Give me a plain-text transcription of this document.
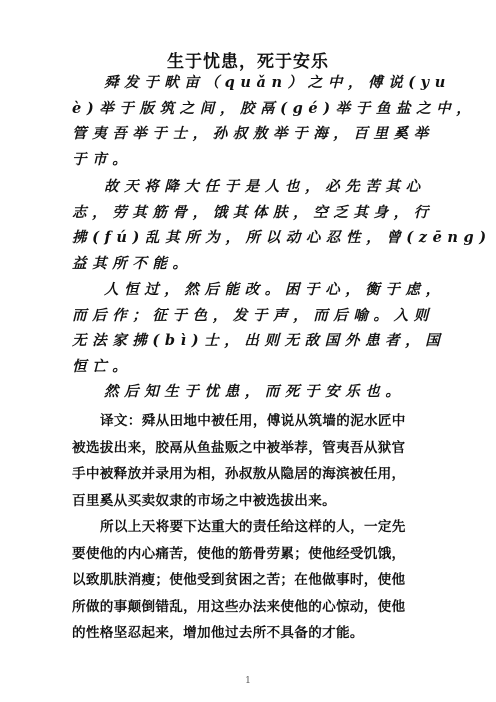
生于忧患，死于安乐
舜发于畎亩（quǎn）之中，傅说(yu
è)举于版筑之间，胶鬲(gé)举于鱼盐之中，
管夷吾举于士，孙叔敖举于海，百里奚举
于市。
故天将降大任于是人也，必先苦其心
志，劳其筋骨，饿其体肤，空乏其身，行
拂(fú)乱其所为，所以动心忍性，曾(zēng)
益其所不能。
人恒过，然后能改。困于心，衡于虑，
而后作；征于色，发于声，而后喻。入则
无法家拂(bì)士，出则无敌国外患者，国
恒亡。
然后知生于忧患，而死于安乐也。
译文：舜从田地中被任用，傅说从筑墙的泥水匠中
被选拔出来，胶鬲从鱼盐贩之中被举荐，管夷吾从狱官
手中被释放并录用为相，孙叔敖从隐居的海滨被任用，
百里奚从买卖奴隶的市场之中被选拔出来。
所以上天将要下达重大的责任给这样的人，一定先
要使他的内心痛苦，使他的筋骨劳累；使他经受饥饿，
以致肌肤消瘦；使他受到贫困之苦；在他做事时，使他
所做的事颠倒错乱，用这些办法来使他的心惊动，使他
的性格坚忍起来，增加他过去所不具备的才能。
1
